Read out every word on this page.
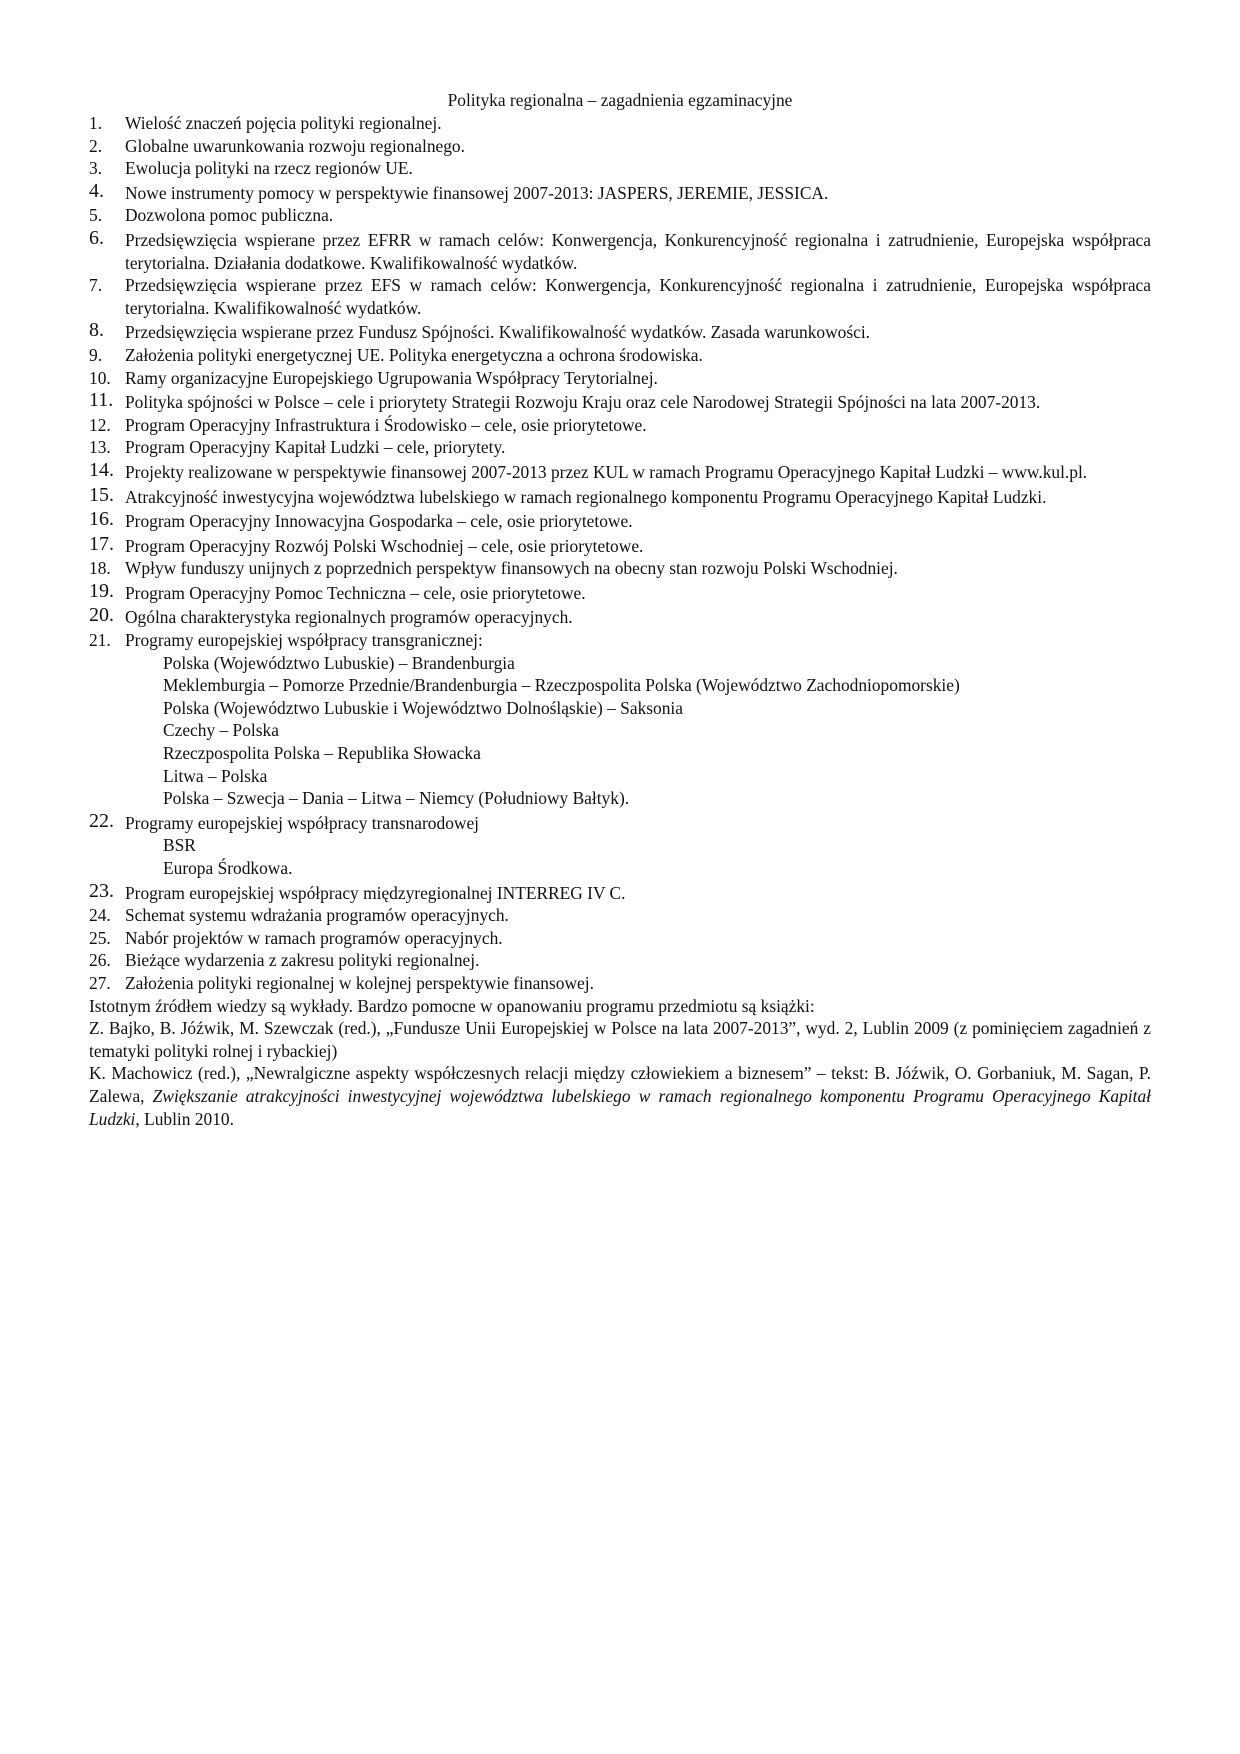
Polityka regionalna – zagadnienia egzaminacyjne
1. Wielość znaczeń pojęcia polityki regionalnej.
2. Globalne uwarunkowania rozwoju regionalnego.
3. Ewolucja polityki na rzecz regionów UE.
4. Nowe instrumenty pomocy w perspektywie finansowej 2007-2013: JASPERS, JEREMIE, JESSICA.
5. Dozwolona pomoc publiczna.
6. Przedsięwzięcia wspierane przez EFRR w ramach celów: Konwergencja, Konkurencyjność regionalna i zatrudnienie, Europejska współpraca terytorialna. Działania dodatkowe. Kwalifikowalność wydatków.
7. Przedsięwzięcia wspierane przez EFS w ramach celów: Konwergencja, Konkurencyjność regionalna i zatrudnienie, Europejska współpraca terytorialna. Kwalifikowalność wydatków.
8. Przedsięwzięcia wspierane przez Fundusz Spójności. Kwalifikowalność wydatków. Zasada warunkowości.
9. Założenia polityki energetycznej UE. Polityka energetyczna a ochrona środowiska.
10. Ramy organizacyjne Europejskiego Ugrupowania Współpracy Terytorialnej.
11. Polityka spójności w Polsce – cele i priorytety Strategii Rozwoju Kraju oraz cele Narodowej Strategii Spójności na lata 2007-2013.
12. Program Operacyjny Infrastruktura i Środowisko – cele, osie priorytetowe.
13. Program Operacyjny Kapitał Ludzki – cele, priorytety.
14. Projekty realizowane w perspektywie finansowej 2007-2013 przez KUL w ramach Programu Operacyjnego Kapitał Ludzki – www.kul.pl.
15. Atrakcyjność inwestycyjna województwa lubelskiego w ramach regionalnego komponentu Programu Operacyjnego Kapitał Ludzki.
16. Program Operacyjny Innowacyjna Gospodarka – cele, osie priorytetowe.
17. Program Operacyjny Rozwój Polski Wschodniej – cele, osie priorytetowe.
18. Wpływ funduszy unijnych z poprzednich perspektyw finansowych na obecny stan rozwoju Polski Wschodniej.
19. Program Operacyjny Pomoc Techniczna – cele, osie priorytetowe.
20. Ogólna charakterystyka regionalnych programów operacyjnych.
21. Programy europejskiej współpracy transgranicznej:
Polska (Województwo Lubuskie) – Brandenburgia
Meklemburgia – Pomorze Przednie/Brandenburgia – Rzeczpospolita Polska (Województwo Zachodniopomorskie)
Polska (Województwo Lubuskie i Województwo Dolnośląskie) – Saksonia
Czechy – Polska
Rzeczpospolita Polska – Republika Słowacka
Litwa – Polska
Polska – Szwecja – Dania – Litwa – Niemcy (Południowy Bałtyk).
22. Programy europejskiej współpracy transnarodowej
BSR
Europa Środkowa.
23. Program europejskiej współpracy międzyregionalnej INTERREG IV C.
24. Schemat systemu wdrażania programów operacyjnych.
25. Nabór projektów w ramach programów operacyjnych.
26. Bieżące wydarzenia z zakresu polityki regionalnej.
27. Założenia polityki regionalnej w kolejnej perspektywie finansowej.

Istotnym źródłem wiedzy są wykłady. Bardzo pomocne w opanowaniu programu przedmiotu są książki:

Z. Bajko, B. Jóźwik, M. Szewczak (red.), „Fundusze Unii Europejskiej w Polsce na lata 2007-2013”, wyd. 2, Lublin 2009 (z pominięciem zagadnień z tematyki polityki rolnej i rybackiej)

K. Machowicz (red.), „Newralgiczne aspekty współczesnych relacji między człowiekiem a biznesem” – tekst: B. Jóźwik, O. Gorbaniuk, M. Sagan, P. Zalewa, Zwiększanie atrakcyjności inwestycyjnej województwa lubelskiego w ramach regionalnego komponentu Programu Operacyjnego Kapitał Ludzki, Lublin 2010.
